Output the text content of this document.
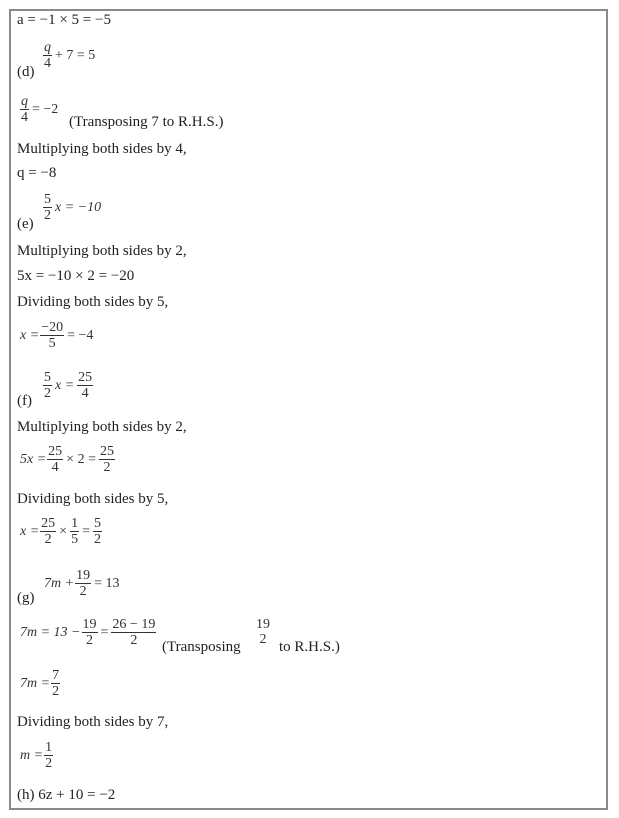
a = −1 × 5 = −5
$\frac{q}{4} + 7 = 5$
(d)
$\frac{q}{4} = -2$
(Transposing 7 to R.H.S.)
Multiplying both sides by 4,
q = −8
$\frac{5}{2}$ x = −10
(e)
Multiplying both sides by 2,
5x = −10 × 2 = −20
Dividing both sides by 5,
$x = \frac{-20}{5} = -4$
$\frac{5}{2}$ $x = \frac{25}{4}$
(f)
Multiplying both sides by 2,
$5x = \frac{25}{4} \times 2 = \frac{25}{2}$
Dividing both sides by 5,
$x = \frac{25}{2} \times \frac{1}{5} = \frac{5}{2}$
$7m + \frac{19}{2} = 13$
(g)
$7m = 13 - \frac{19}{2} = \frac{26 - 19}{2}$ (Transposing
19
2 to R.H.S.)
$7m = \frac{7}{2}$
Dividing both sides by 7,
$m = \frac{1}{2}$
(h) 6z + 10 = −2
